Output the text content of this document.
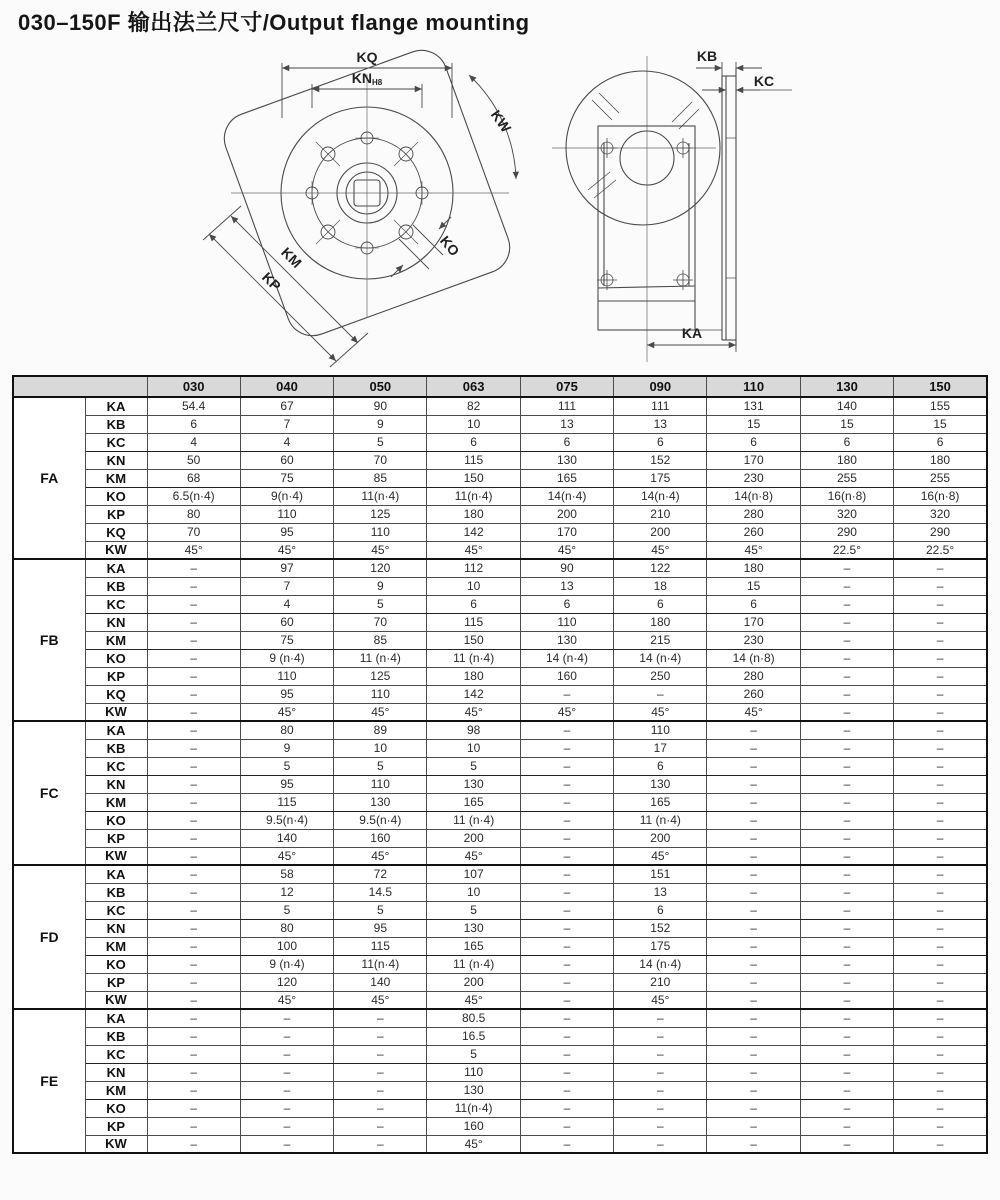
030–150F 输出法兰尺寸/Output flange mounting
KQ
KNH8
KW
KO
KM
KP
KB
KC
KA
		030	040	050	063	075	090	110	130	150
FA	KA	54.4	67	90	82	111	111	131	140	155
	KB	6	7	9	10	13	13	15	15	15
	KC	4	4	5	6	6	6	6	6	6
	KN	50	60	70	115	130	152	170	180	180
	KM	68	75	85	150	165	175	230	255	255
	KO	6.5(n·4)	9(n·4)	11(n·4)	11(n·4)	14(n·4)	14(n·4)	14(n·8)	16(n·8)	16(n·8)
	KP	80	110	125	180	200	210	280	320	320
	KQ	70	95	110	142	170	200	260	290	290
	KW	45°	45°	45°	45°	45°	45°	45°	22.5°	22.5°
FB	KA	–	97	120	112	90	122	180	–	–
	KB	–	7	9	10	13	18	15	–	–
	KC	–	4	5	6	6	6	6	–	–
	KN	–	60	70	115	110	180	170	–	–
	KM	–	75	85	150	130	215	230	–	–
	KO	–	9 (n·4)	11 (n·4)	11 (n·4)	14 (n·4)	14 (n·4)	14 (n·8)	–	–
	KP	–	110	125	180	160	250	280	–	–
	KQ	–	95	110	142	–	–	260	–	–
	KW	–	45°	45°	45°	45°	45°	45°	–	–
FC	KA	–	80	89	98	–	110	–	–	–
	KB	–	9	10	10	–	17	–	–	–
	KC	–	5	5	5	–	6	–	–	–
	KN	–	95	110	130	–	130	–	–	–
	KM	–	115	130	165	–	165	–	–	–
	KO	–	9.5(n·4)	9.5(n·4)	11 (n·4)	–	11 (n·4)	–	–	–
	KP	–	140	160	200	–	200	–	–	–
	KW	–	45°	45°	45°	–	45°	–	–	–
FD	KA	–	58	72	107	–	151	–	–	–
	KB	–	12	14.5	10	–	13	–	–	–
	KC	–	5	5	5	–	6	–	–	–
	KN	–	80	95	130	–	152	–	–	–
	KM	–	100	115	165	–	175	–	–	–
	KO	–	9 (n·4)	11(n·4)	11 (n·4)	–	14 (n·4)	–	–	–
	KP	–	120	140	200	–	210	–	–	–
	KW	–	45°	45°	45°	–	45°	–	–	–
FE	KA	–	–	–	80.5	–	–	–	–	–
	KB	–	–	–	16.5	–	–	–	–	–
	KC	–	–	–	5	–	–	–	–	–
	KN	–	–	–	110	–	–	–	–	–
	KM	–	–	–	130	–	–	–	–	–
	KO	–	–	–	11(n·4)	–	–	–	–	–
	KP	–	–	–	160	–	–	–	–	–
	KW	–	–	–	45°	–	–	–	–	–
